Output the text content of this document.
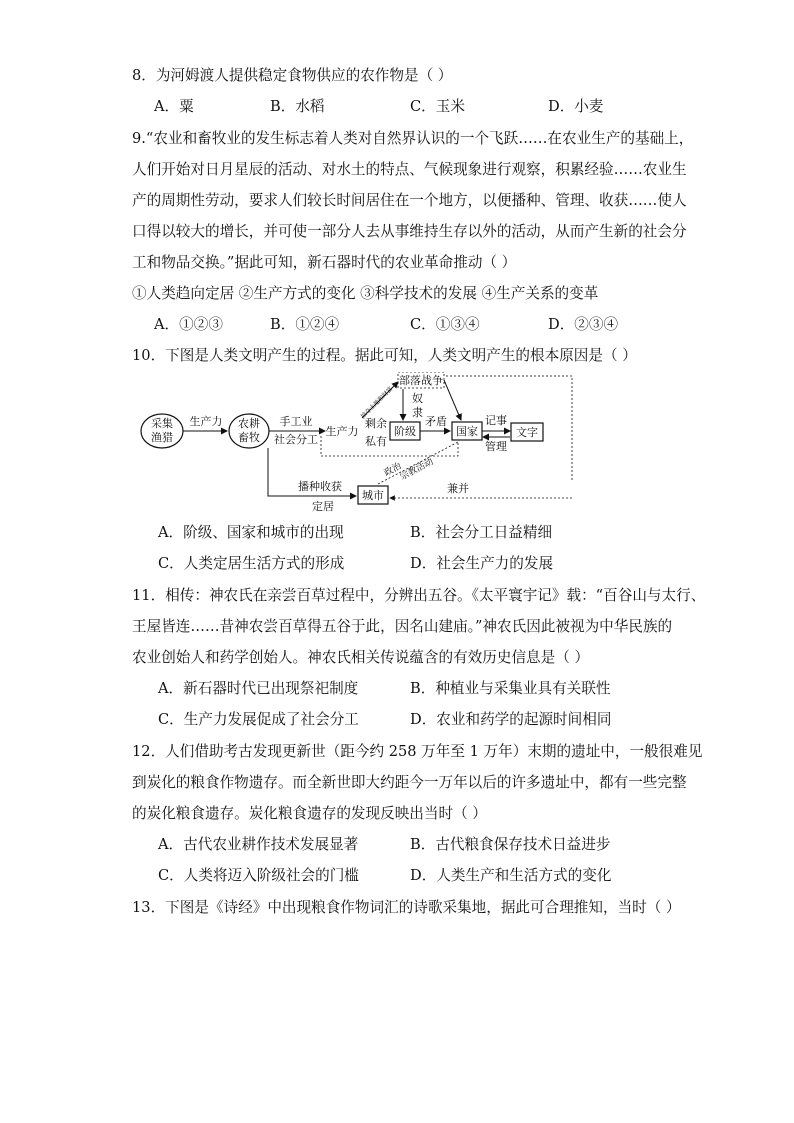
8．为河姆渡人提供稳定食物供应的农作物是（ ）
A．粟	B．水稻	C．玉米	D．小麦
9.“农业和畜牧业的发生标志着人类对自然界认识的一个飞跃……在农业生产的基础上，
人们开始对日月星辰的活动、对水土的特点、气候现象进行观察，积累经验……农业生
产的周期性劳动，要求人们较长时间居住在一个地方，以便播种、管理、收获……使人
口得以较大的增长，并可使一部分人去从事维持生存以外的活动，从而产生新的社会分
工和物品交换。”据此可知，新石器时代的农业革命推动（ ）
①人类趋向定居 ②生产方式的变化 ③科学技术的发展 ④生产关系的变革
A．①②③	B．①②④	C．①③④	D．②③④
10．下图是人类文明产生的过程。据此可知，人类文明产生的根本原因是（ ）
采集
渔猎
生产力 农耕
畜牧
手工业
社会分工
生产力
剩余
私有
掠夺土地和财富
部落战争
奴
隶
阶级
矛盾
国家
记事
管理
文字
播种收获
定居
城市
政治
宗教活动
兼并
A．阶级、国家和城市的出现	B．社会分工日益精细
C．人类定居生活方式的形成	D．社会生产力的发展
11．相传：神农氏在亲尝百草过程中，分辨出五谷。《太平寰宇记》载：“百谷山与太行、
王屋皆连……昔神农尝百草得五谷于此，因名山建庙。”神农氏因此被视为中华民族的
农业创始人和药学创始人。神农氏相关传说蕴含的有效历史信息是（ ）
A．新石器时代已出现祭祀制度	B．种植业与采集业具有关联性
C．生产力发展促成了社会分工	D．农业和药学的起源时间相同
12．人们借助考古发现更新世（距今约 258 万年至 1 万年）末期的遗址中，一般很难见
到炭化的粮食作物遗存。而全新世即大约距今一万年以后的许多遗址中，都有一些完整
的炭化粮食遗存。炭化粮食遗存的发现反映出当时（ ）
A．古代农业耕作技术发展显著	B．古代粮食保存技术日益进步
C．人类将迈入阶级社会的门槛	D．人类生产和生活方式的变化
13．下图是《诗经》中出现粮食作物词汇的诗歌采集地，据此可合理推知，当时（ ）
